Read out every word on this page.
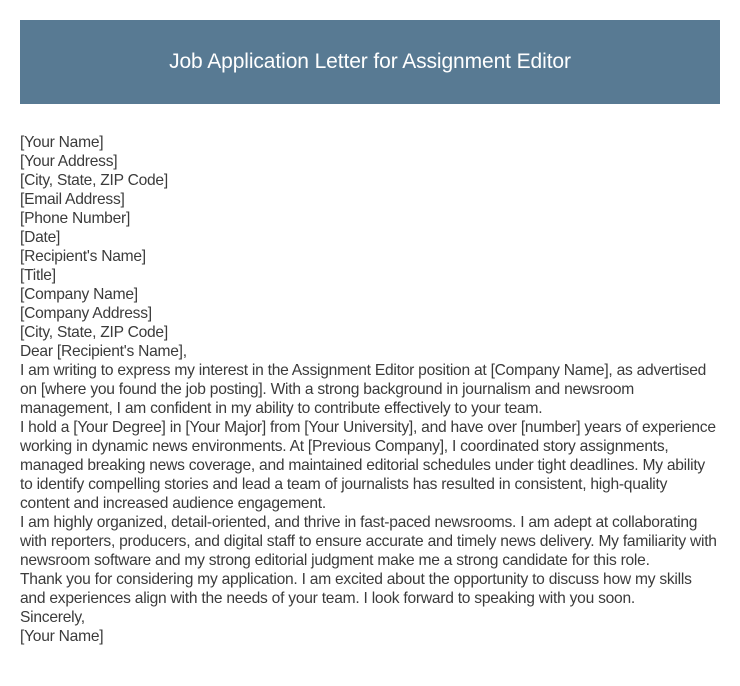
Job Application Letter for Assignment Editor
[Your Name]
[Your Address]
[City, State, ZIP Code]
[Email Address]
[Phone Number]
[Date]
[Recipient's Name]
[Title]
[Company Name]
[Company Address]
[City, State, ZIP Code]
Dear [Recipient's Name],

I am writing to express my interest in the Assignment Editor position at [Company Name], as advertised on [where you found the job posting]. With a strong background in journalism and newsroom management, I am confident in my ability to contribute effectively to your team.

I hold a [Your Degree] in [Your Major] from [Your University], and have over [number] years of experience working in dynamic news environments. At [Previous Company], I coordinated story assignments, managed breaking news coverage, and maintained editorial schedules under tight deadlines. My ability to identify compelling stories and lead a team of journalists has resulted in consistent, high-quality content and increased audience engagement.

I am highly organized, detail-oriented, and thrive in fast-paced newsrooms. I am adept at collaborating with reporters, producers, and digital staff to ensure accurate and timely news delivery. My familiarity with newsroom software and my strong editorial judgment make me a strong candidate for this role.

Thank you for considering my application. I am excited about the opportunity to discuss how my skills and experiences align with the needs of your team. I look forward to speaking with you soon.

Sincerely,
[Your Name]
